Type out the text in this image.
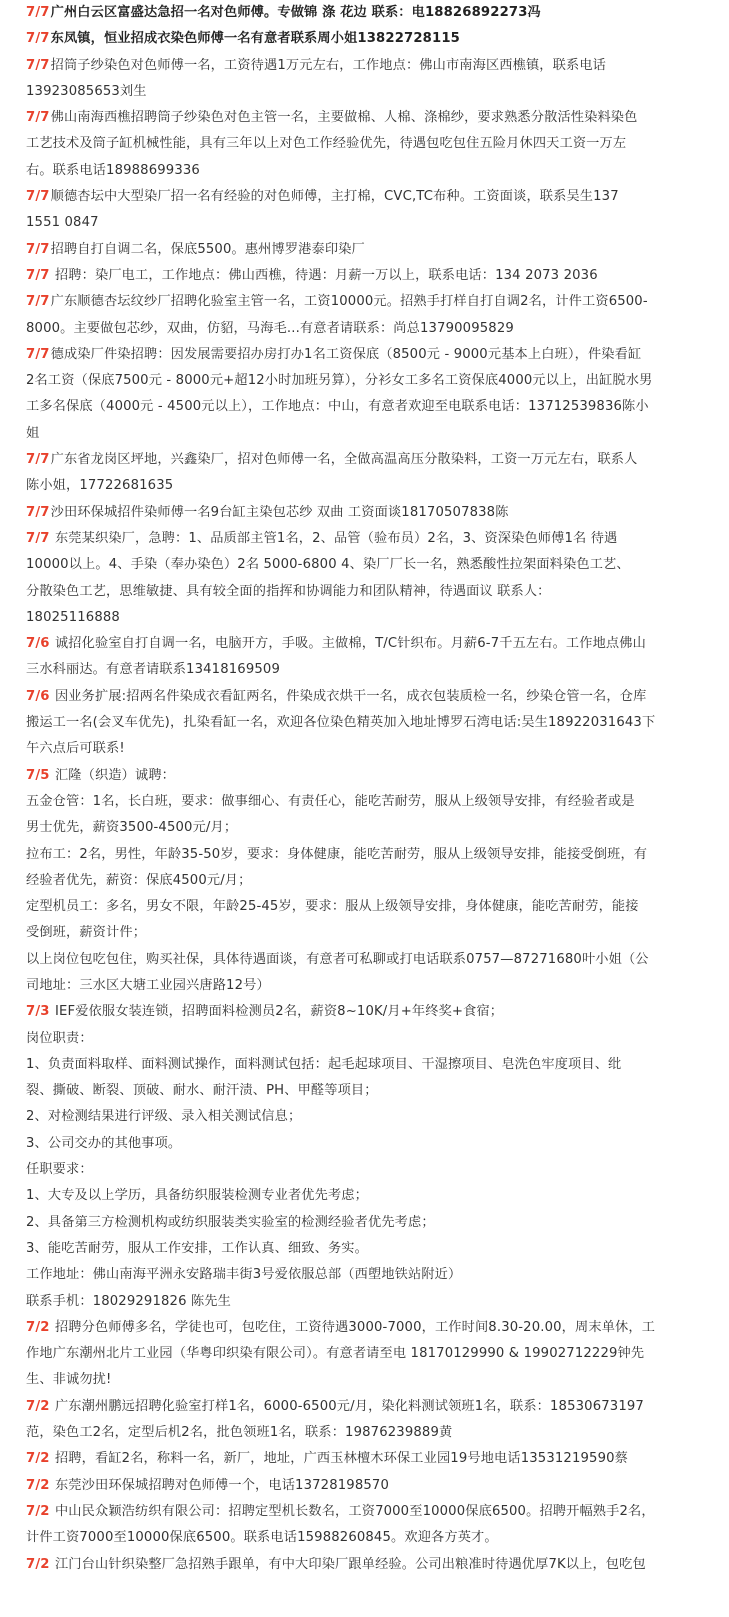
7/7广州白云区富盛达急招一名对色师傅。专做锦 涤 花边 联系：电18826892273冯
7/7东凤镇，恒业招成衣染色师傅一名有意者联系周小姐13822728115
7/7招筒子纱染色对色师傅一名，工资待遇1万元左右，工作地点：佛山市南海区西樵镇，联系电话
13923085653刘生
7/7佛山南海西樵招聘筒子纱染色对色主管一名，主要做棉、人棉、涤棉纱，要求熟悉分散活性染料染色
工艺技术及筒子缸机械性能，具有三年以上对色工作经验优先，待遇包吃包住五险月休四天工资一万左
右。联系电话18988699336
7/7顺德杏坛中大型染厂招一名有经验的对色师傅，主打棉，CVC,TC布种。工资面谈，联系吴生137
1551 0847
7/7招聘自打自调二名，保底5500。惠州博罗港泰印染厂
7/7 招聘：染厂电工，工作地点：佛山西樵，待遇：月薪一万以上，联系电话：134 2073 2036
7/7广东顺德杏坛纹纱厂招聘化验室主管一名，工资10000元。招熟手打样自打自调2名，计件工资6500-
8000。主要做包芯纱，双曲，仿貂，马海毛...有意者请联系：尚总13790095829
7/7德成染厂件染招聘：因发展需要招办房打办1名工资保底（8500元 - 9000元基本上白班），件染看缸
2名工资（保底7500元 - 8000元+超12小时加班另算），分衫女工多名工资保底4000元以上，出缸脱水男
工多名保底（4000元 - 4500元以上），工作地点：中山，有意者欢迎至电联系电话：13712539836陈小
姐
7/7广东省龙岗区坪地，兴鑫染厂，招对色师傅一名，全做高温高压分散染料，工资一万元左右，联系人
陈小姐，17722681635
7/7沙田环保城招件染师傅一名9台缸主染包芯纱 双曲 工资面谈18170507838陈
7/7 东莞某织染厂，急聘：1、品质部主管1名，2、品管（验布员）2名，3、资深染色师傅1名 待遇
10000以上。4、手染（奉办染色）2名 5000-6800 4、染厂厂长一名，熟悉酸性拉架面料染色工艺、
分散染色工艺，思维敏捷、具有较全面的指挥和协调能力和团队精神，待遇面议 联系人：
18025116888
7/6 诚招化验室自打自调一名，电脑开方，手吸。主做棉，T/C针织布。月薪6-7千五左右。工作地点佛山
三水科丽达。有意者请联系13418169509
7/6 因业务扩展:招两名件染成衣看缸两名，件染成衣烘干一名，成衣包装质检一名，纱染仓管一名，仓库
搬运工一名(会叉车优先)，扎染看缸一名，欢迎各位染色精英加入地址博罗石湾电话:吴生18922031643下
午六点后可联系!
7/5 汇隆（织造）诚聘：
五金仓管：1名，长白班，要求：做事细心、有责任心，能吃苦耐劳，服从上级领导安排，有经验者或是
男士优先，薪资3500-4500元/月；
拉布工：2名，男性，年龄35-50岁，要求：身体健康，能吃苦耐劳，服从上级领导安排，能接受倒班，有
经验者优先，薪资：保底4500元/月；
定型机员工：多名，男女不限，年龄25-45岁，要求：服从上级领导安排，身体健康，能吃苦耐劳，能接
受倒班，薪资计件；
以上岗位包吃包住，购买社保，具体待遇面谈，有意者可私聊或打电话联系0757—87271680叶小姐（公
司地址：三水区大塘工业园兴唐路12号）
7/3 IEF爱依服女装连锁，招聘面料检测员2名，薪资8~10K/月+年终奖+食宿；
岗位职责：
1、负责面料取样、面料测试操作，面料测试包括：起毛起球项目、干湿擦项目、皂洗色牢度项目、纰
裂、撕破、断裂、顶破、耐水、耐汗渍、PH、甲醛等项目；
2、对检测结果进行评级、录入相关测试信息；
3、公司交办的其他事项。
任职要求：
1、大专及以上学历，具备纺织服装检测专业者优先考虑；
2、具备第三方检测机构或纺织服装类实验室的检测经验者优先考虑；
3、能吃苦耐劳，服从工作安排，工作认真、细致、务实。
工作地址：佛山南海平洲永安路瑞丰街3号爱依服总部（西塱地铁站附近）
联系手机：18029291826 陈先生
7/2 招聘分色师傅多名，学徒也可，包吃住，工资待遇3000-7000，工作时间8.30-20.00，周末单休，工
作地广东潮州北片工业园（华粤印织染有限公司）。有意者请至电 18170129990 & 19902712229钟先
生、非诚勿扰!
7/2 广东潮州鹏远招聘化验室打样1名，6000-6500元/月，染化料测试领班1名，联系：18530673197
范，染色工2名，定型后机2名，批色领班1名，联系：19876239889黄
7/2 招聘，看缸2名，称料一名，新厂，地址，广西玉林檀木环保工业园19号地电话13531219590蔡
7/2 东莞沙田环保城招聘对色师傅一个，电话13728198570
7/2 中山民众颖浩纺织有限公司：招聘定型机长数名，工资7000至10000保底6500。招聘开幅熟手2名，
计件工资7000至10000保底6500。联系电话15988260845。欢迎各方英才。
7/2 江门台山针织染整厂急招熟手跟单，有中大印染厂跟单经验。公司出粮准时待遇优厚7K以上，包吃包
